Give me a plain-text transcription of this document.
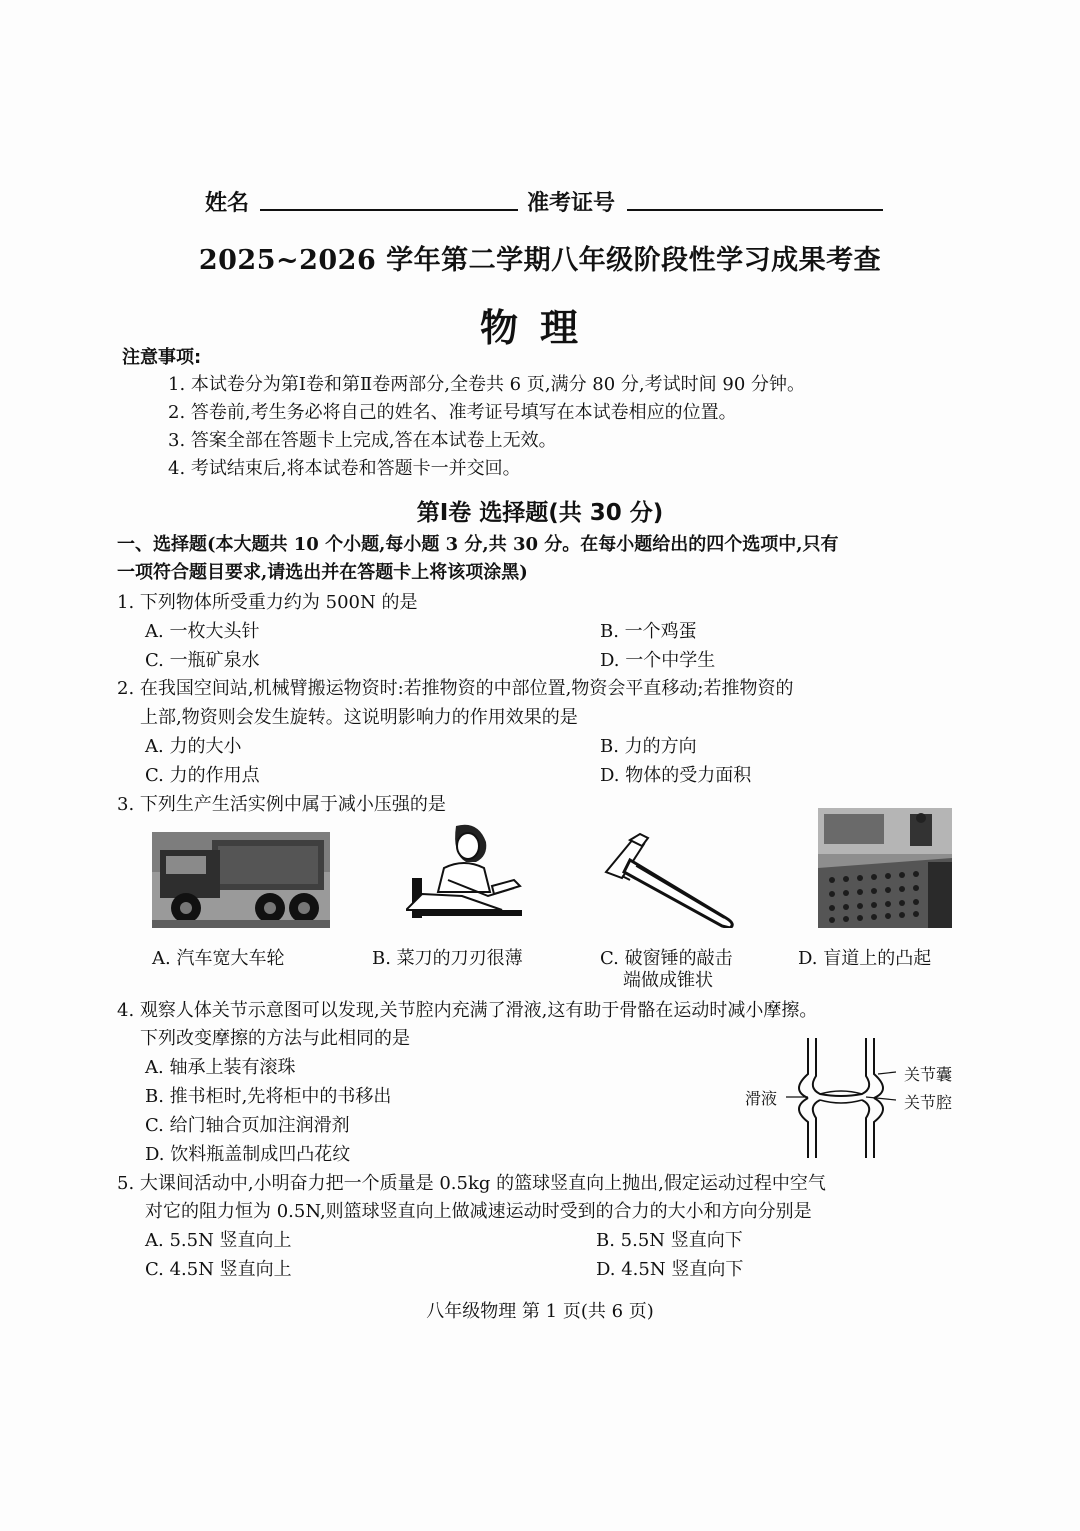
姓名	准考证号
2025~2026 学年第二学期八年级阶段性学习成果考查
物理
注意事项:
1. 本试卷分为第Ⅰ卷和第Ⅱ卷两部分,全卷共 6 页,满分 80 分,考试时间 90 分钟。
2. 答卷前,考生务必将自己的姓名、准考证号填写在本试卷相应的位置。
3. 答案全部在答题卡上完成,答在本试卷上无效。
4. 考试结束后,将本试卷和答题卡一并交回。
第Ⅰ卷 选择题(共 30 分)
一、选择题(本大题共 10 个小题,每小题 3 分,共 30 分。在每小题给出的四个选项中,只有
一项符合题目要求,请选出并在答题卡上将该项涂黑)
1. 下列物体所受重力约为 500N 的是
A. 一枚大头针	B. 一个鸡蛋
C. 一瓶矿泉水	D. 一个中学生
2. 在我国空间站,机械臂搬运物资时:若推物资的中部位置,物资会平直移动;若推物资的
上部,物资则会发生旋转。这说明影响力的作用效果的是
A. 力的大小	B. 力的方向
C. 力的作用点	D. 物体的受力面积
3. 下列生产生活实例中属于减小压强的是
A. 汽车宽大车轮	B. 菜刀的刀刃很薄	C. 破窗锤的敲击
端做成锥状
D. 盲道上的凸起
4. 观察人体关节示意图可以发现,关节腔内充满了滑液,这有助于骨骼在运动时减小摩擦。
下列改变摩擦的方法与此相同的是
A. 轴承上装有滚珠
B. 推书柜时,先将柜中的书移出
C. 给门轴合页加注润滑剂
D. 饮料瓶盖制成凹凸花纹
滑液
关节囊
关节腔
5. 大课间活动中,小明奋力把一个质量是 0.5kg 的篮球竖直向上抛出,假定运动过程中空气
对它的阻力恒为 0.5N,则篮球竖直向上做减速运动时受到的合力的大小和方向分别是
A. 5.5N 竖直向上	B. 5.5N 竖直向下
C. 4.5N 竖直向上	D. 4.5N 竖直向下
八年级物理 第 1 页(共 6 页)
